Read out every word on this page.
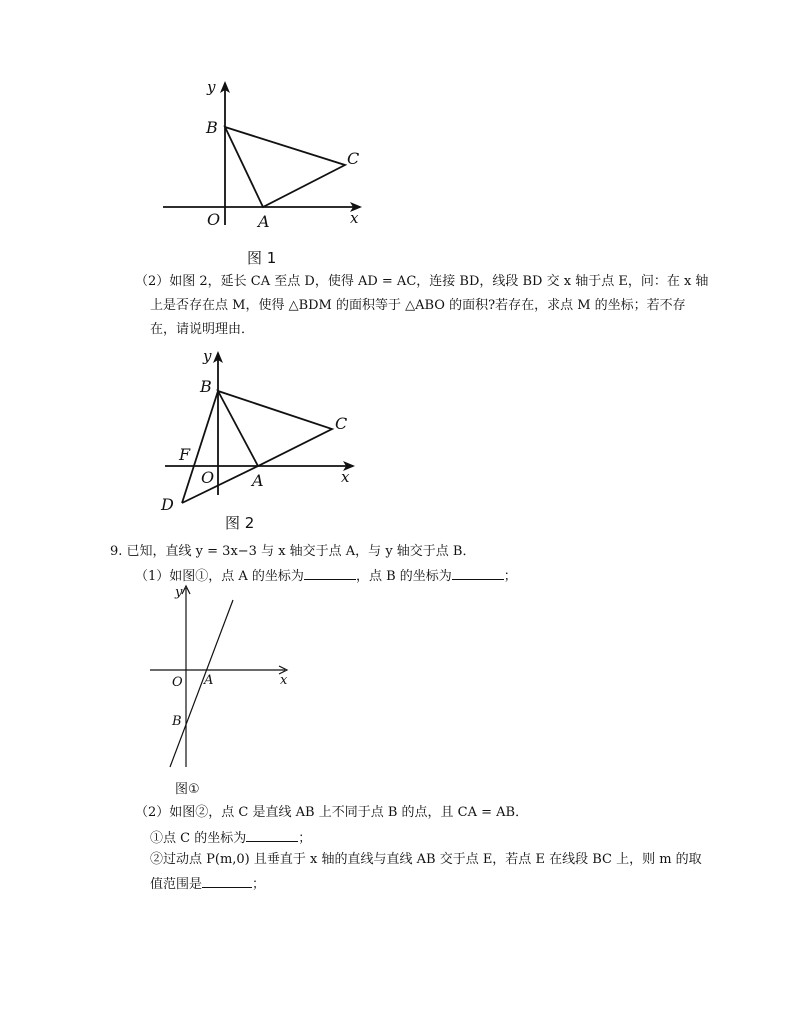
y
x
B
C
O A
图 1
（2）如图 2，延长 CA 至点 D，使得 AD = AC，连接 BD，线段 BD 交 x 轴于点 E，问：在 x 轴
上是否存在点 M，使得 △BDM 的面积等于 △ABO 的面积?若存在，求点 M 的坐标；若不存
在，请说明理由．
y
x
B
C
F
O A
D
图 2
9. 已知，直线 y = 3x−3 与 x 轴交于点 A，与 y 轴交于点 B．
（1）如图①，点 A 的坐标为	，点 B 的坐标为	；
y
x
O A
B
图①
（2）如图②，点 C 是直线 AB 上不同于点 B 的点，且 CA = AB．
①点 C 的坐标为	；
②过动点 P(m,0) 且垂直于 x 轴的直线与直线 AB 交于点 E，若点 E 在线段 BC 上，则 m 的取
值范围是	；
